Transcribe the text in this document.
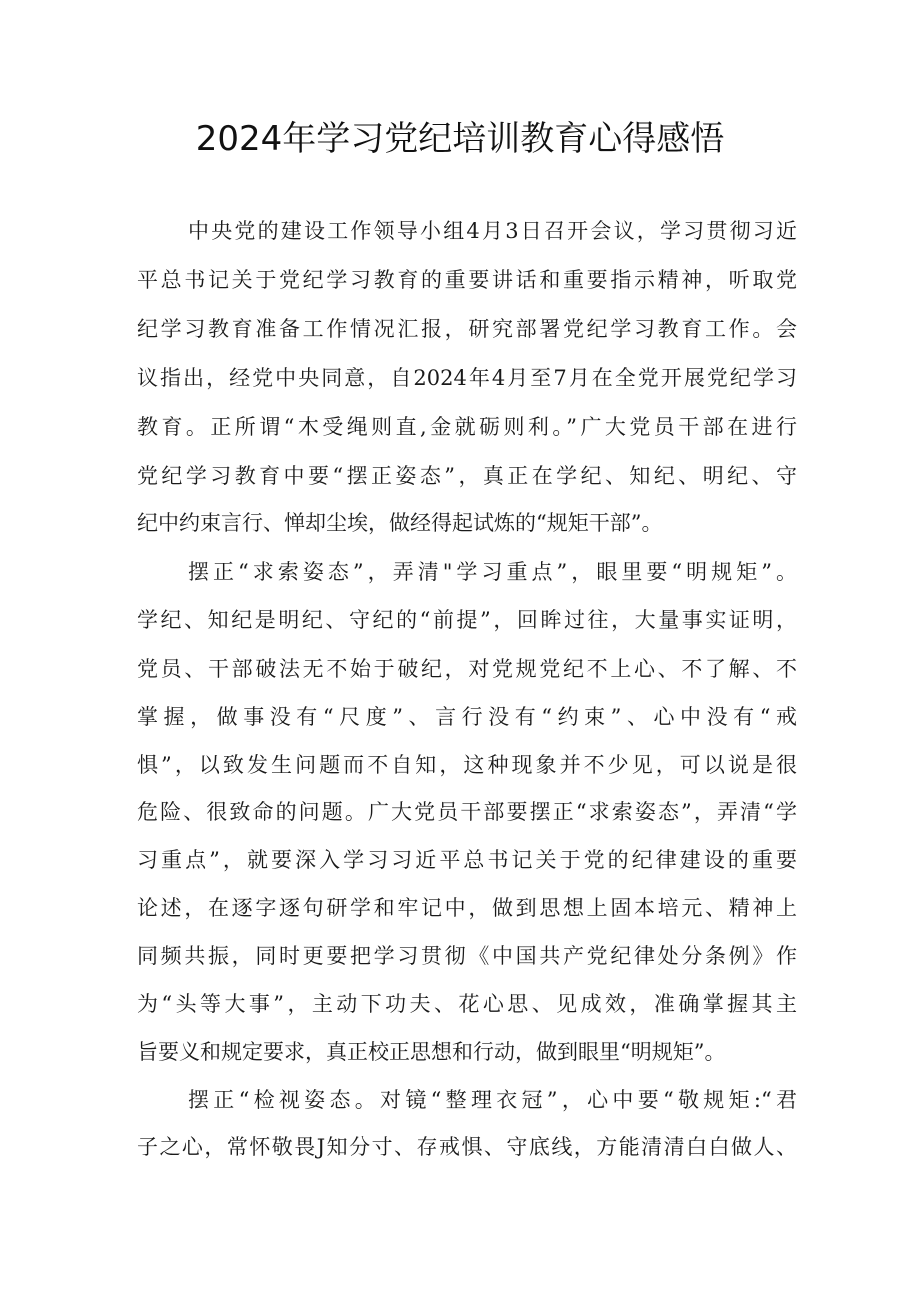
2024年学习党纪培训教育心得感悟
中央党的建设工作领导小组4月3日召开会议，学习贯彻习近
平总书记关于党纪学习教育的重要讲话和重要指示精神，听取党
纪学习教育准备工作情况汇报，研究部署党纪学习教育工作。会
议指出，经党中央同意，自2024年4月至7月在全党开展党纪学习
教育。正所谓“木受绳则直,金就砺则利。”广大党员干部在进行
党纪学习教育中要“摆正姿态”，真正在学纪、知纪、明纪、守
纪中约束言行、惮却尘埃，做经得起试炼的“规矩干部”。
摆正“求索姿态”，弄清"学习重点”，眼里要“明规矩”。
学纪、知纪是明纪、守纪的“前提”，回眸过往，大量事实证明，
党员、干部破法无不始于破纪，对党规党纪不上心、不了解、不
掌握，做事没有“尺度”、言行没有“约束”、心中没有“戒
惧”，以致发生问题而不自知，这种现象并不少见，可以说是很
危险、很致命的问题。广大党员干部要摆正“求索姿态”，弄清“学
习重点”，就要深入学习习近平总书记关于党的纪律建设的重要
论述，在逐字逐句研学和牢记中，做到思想上固本培元、精神上
同频共振，同时更要把学习贯彻《中国共产党纪律处分条例》作
为“头等大事”，主动下功夫、花心思、见成效，准确掌握其主
旨要义和规定要求，真正校正思想和行动，做到眼里“明规矩”。
摆正“检视姿态。对镜“整理衣冠”，心中要“敬规矩:“君
子之心，常怀敬畏J知分寸、存戒惧、守底线，方能清清白白做人、
